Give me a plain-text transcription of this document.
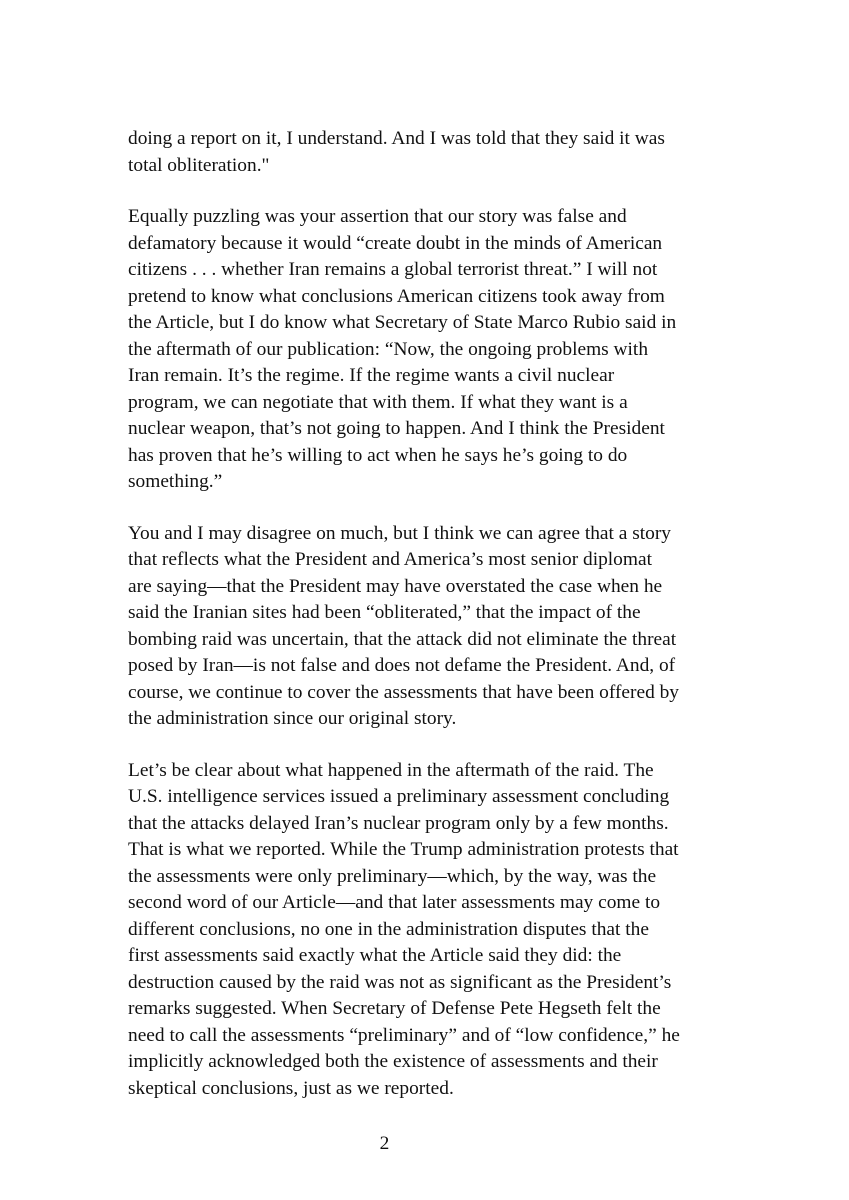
doing a report on it, I understand. And I was told that they said it was
total obliteration."

Equally puzzling was your assertion that our story was false and
defamatory because it would “create doubt in the minds of American
citizens . . . whether Iran remains a global terrorist threat.” I will not
pretend to know what conclusions American citizens took away from
the Article, but I do know what Secretary of State Marco Rubio said in
the aftermath of our publication: “Now, the ongoing problems with
Iran remain. It’s the regime. If the regime wants a civil nuclear
program, we can negotiate that with them. If what they want is a
nuclear weapon, that’s not going to happen. And I think the President
has proven that he’s willing to act when he says he’s going to do
something.”

You and I may disagree on much, but I think we can agree that a story
that reflects what the President and America’s most senior diplomat
are saying—that the President may have overstated the case when he
said the Iranian sites had been “obliterated,” that the impact of the
bombing raid was uncertain, that the attack did not eliminate the threat
posed by Iran—is not false and does not defame the President. And, of
course, we continue to cover the assessments that have been offered by
the administration since our original story.

Let’s be clear about what happened in the aftermath of the raid. The
U.S. intelligence services issued a preliminary assessment concluding
that the attacks delayed Iran’s nuclear program only by a few months.
That is what we reported. While the Trump administration protests that
the assessments were only preliminary—which, by the way, was the
second word of our Article—and that later assessments may come to
different conclusions, no one in the administration disputes that the
first assessments said exactly what the Article said they did: the
destruction caused by the raid was not as significant as the President’s
remarks suggested. When Secretary of Defense Pete Hegseth felt the
need to call the assessments “preliminary” and of “low confidence,” he
implicitly acknowledged both the existence of assessments and their
skeptical conclusions, just as we reported.

2
